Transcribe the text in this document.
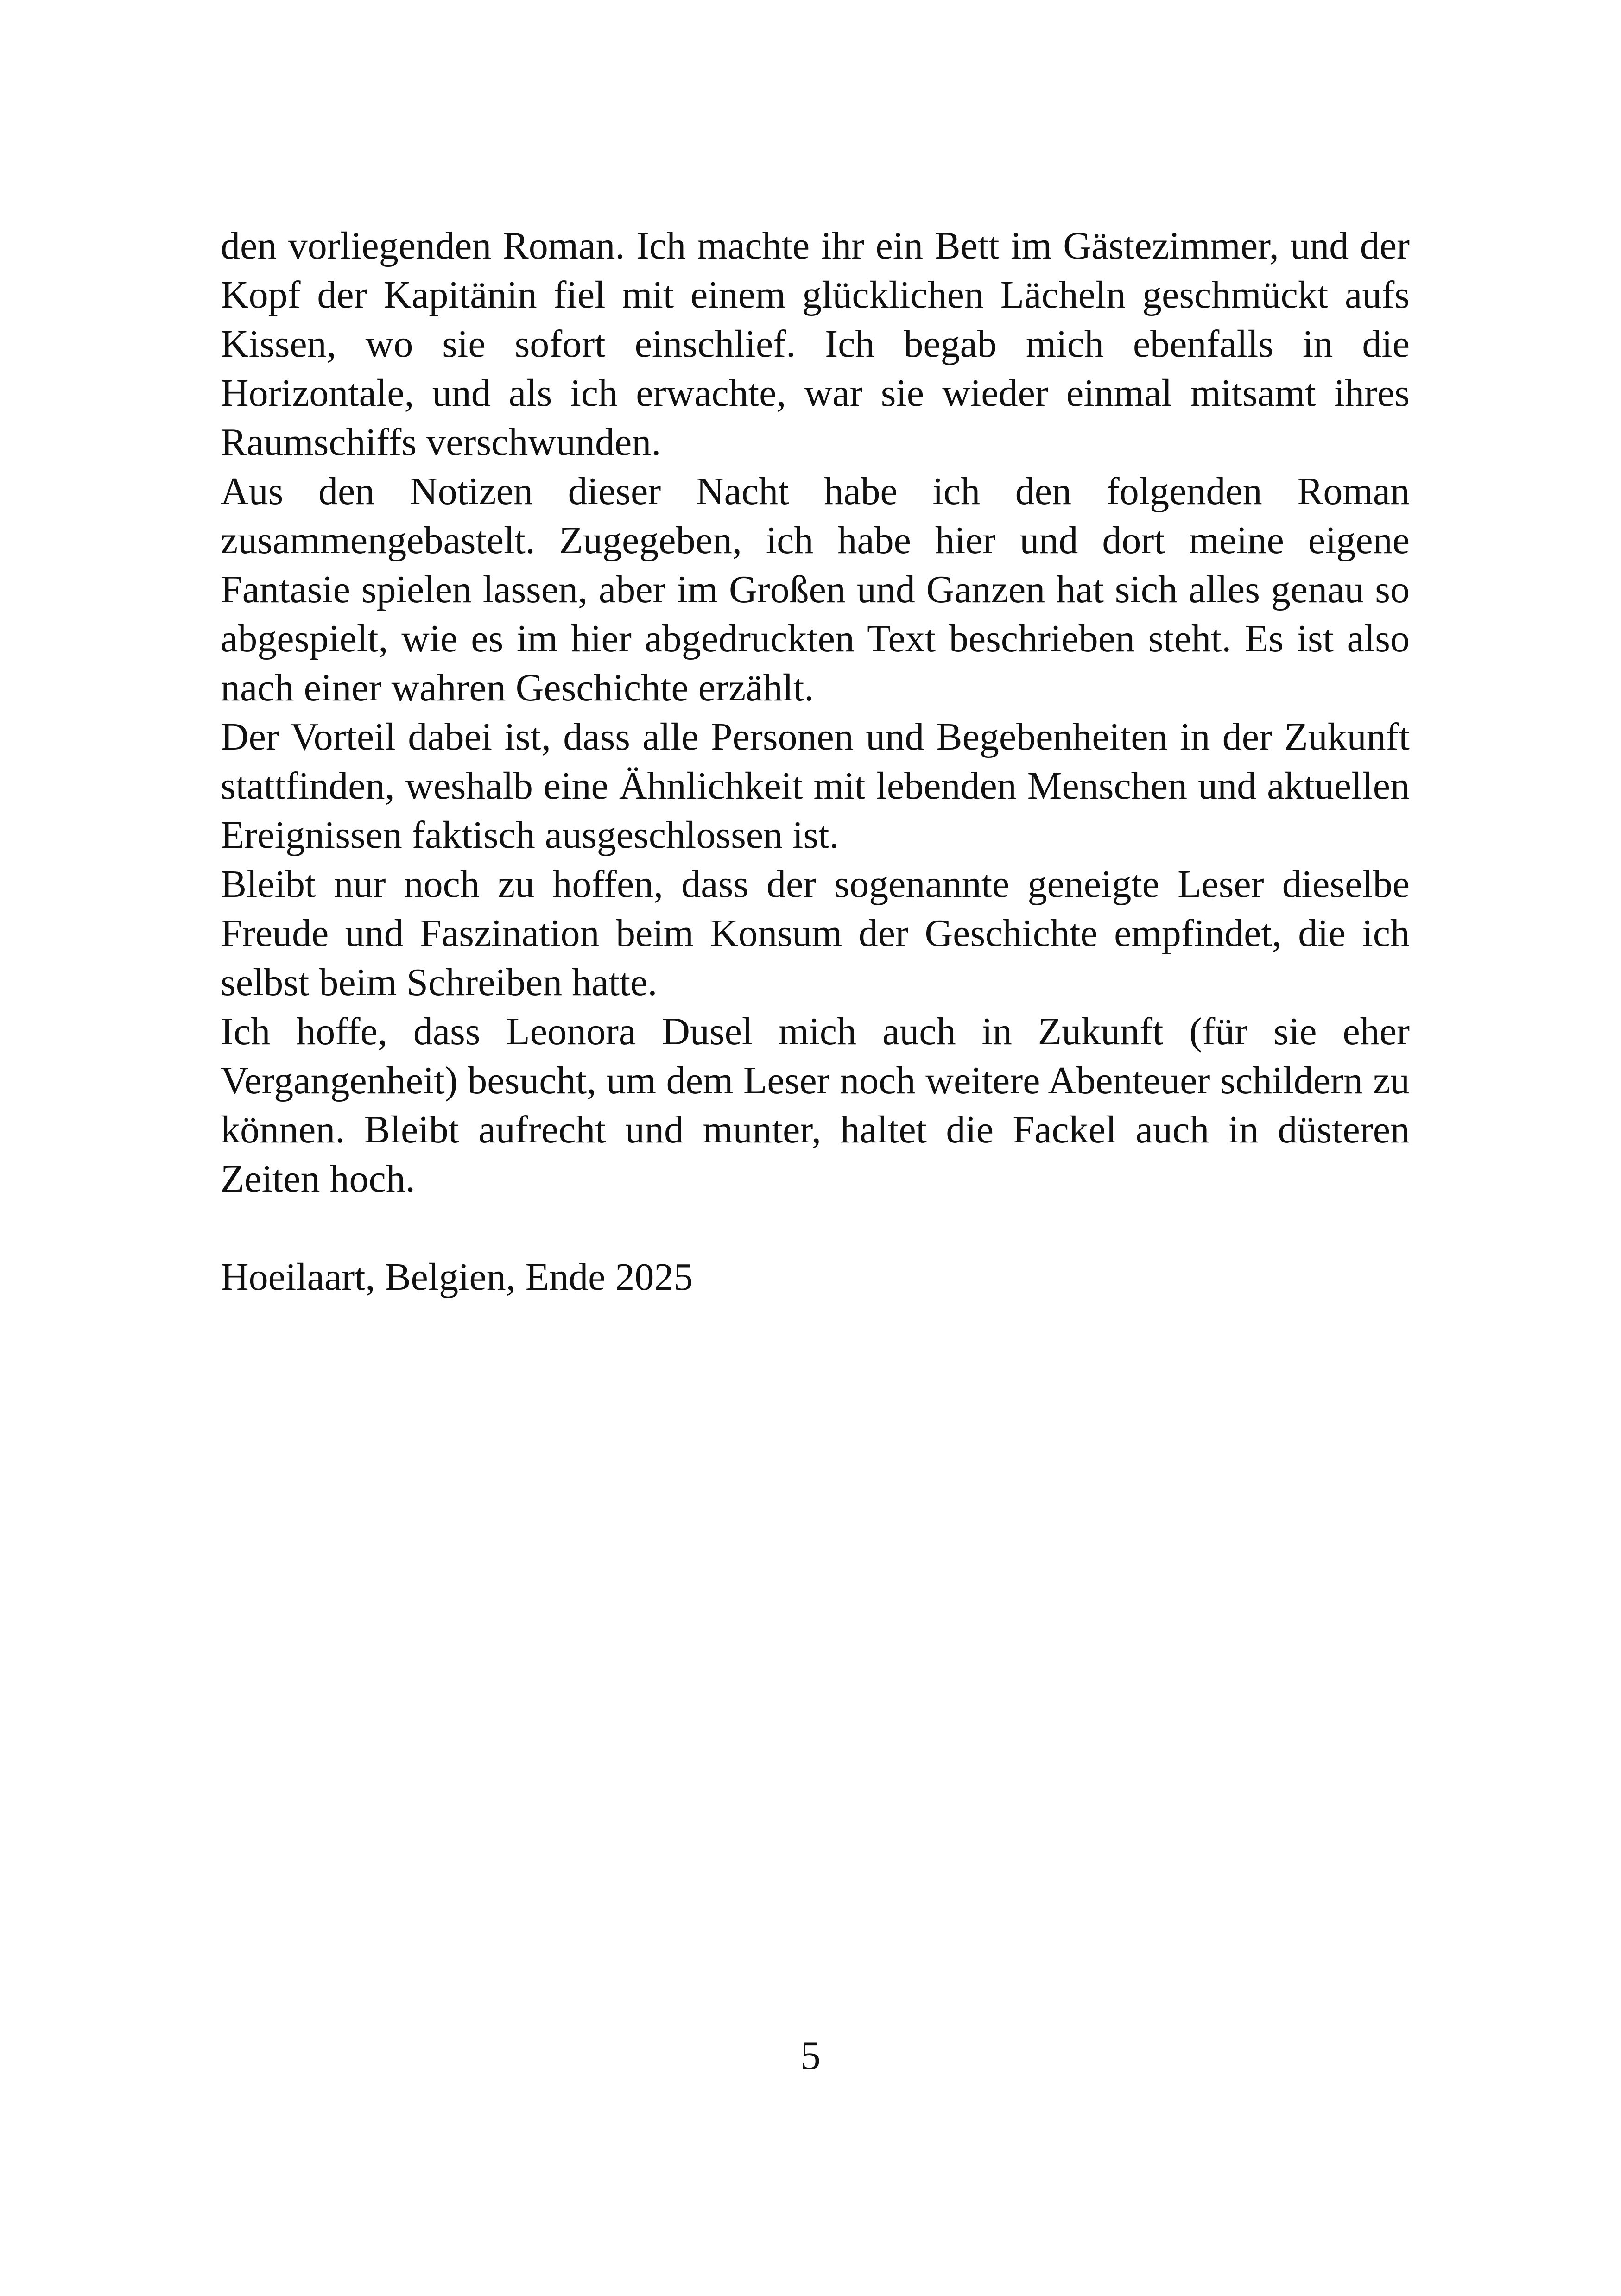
den vorliegenden Roman. Ich machte ihr ein Bett im Gästezimmer, und der Kopf der Kapitänin fiel mit einem glücklichen Lächeln geschmückt aufs Kissen, wo sie sofort einschlief. Ich begab mich ebenfalls in die Horizontale, und als ich erwachte, war sie wieder einmal mitsamt ihres Raumschiffs verschwunden.

Aus den Notizen dieser Nacht habe ich den folgenden Roman zusammengebastelt. Zugegeben, ich habe hier und dort meine eigene Fantasie spielen lassen, aber im Großen und Ganzen hat sich alles genau so abgespielt, wie es im hier abgedruckten Text beschrieben steht. Es ist also nach einer wahren Geschichte erzählt.

Der Vorteil dabei ist, dass alle Personen und Begebenheiten in der Zukunft stattfinden, weshalb eine Ähnlichkeit mit lebenden Menschen und aktuellen Ereignissen faktisch ausgeschlossen ist.

Bleibt nur noch zu hoffen, dass der sogenannte geneigte Leser dieselbe Freude und Faszination beim Konsum der Geschichte empfindet, die ich selbst beim Schreiben hatte.

Ich hoffe, dass Leonora Dusel mich auch in Zukunft (für sie eher Vergangenheit) besucht, um dem Leser noch weitere Abenteuer schildern zu können. Bleibt aufrecht und munter, haltet die Fackel auch in düsteren Zeiten hoch.

Hoeilaart, Belgien, Ende 2025

5
